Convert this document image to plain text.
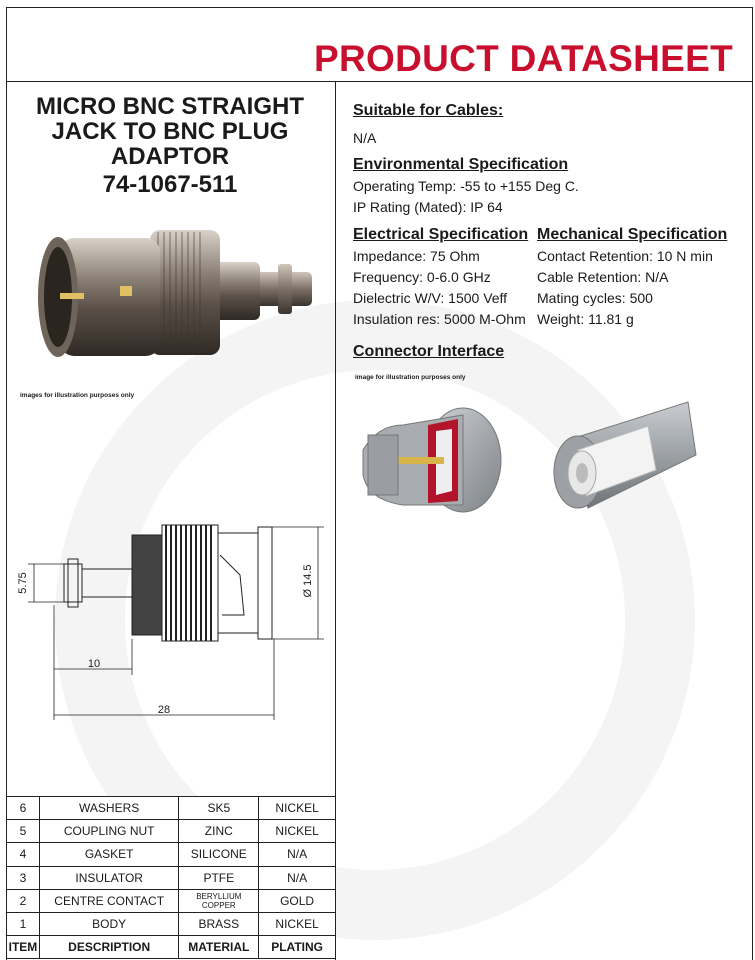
PRODUCT DATASHEET
MICRO BNC STRAIGHT
JACK TO BNC PLUG
ADAPTOR
74-1067-511
images for illustration purposes only
5.75	Ø 14.5
10
28
Suitable for Cables:
N/A
Environmental Specification
Operating Temp: -55 to +155 Deg C.
IP Rating (Mated): IP 64
Electrical Specification
Impedance: 75 Ohm
Frequency: 0-6.0 GHz
Dielectric W/V: 1500 Veff
Insulation res: 5000 M-Ohm
Mechanical Specification
Contact Retention: 10 N min
Cable Retention: N/A
Mating cycles: 500
Weight: 11.81 g
Connector Interface
image for illustration purposes only
6	WASHERS	SK5	NICKEL
5	COUPLING NUT	ZINC	NICKEL
4	GASKET	SILICONE	N/A
3	INSULATOR	PTFE	N/A
2	CENTRE CONTACT	BERYLLIUM COPPER	GOLD
1	BODY	BRASS	NICKEL
ITEM	DESCRIPTION	MATERIAL	PLATING
